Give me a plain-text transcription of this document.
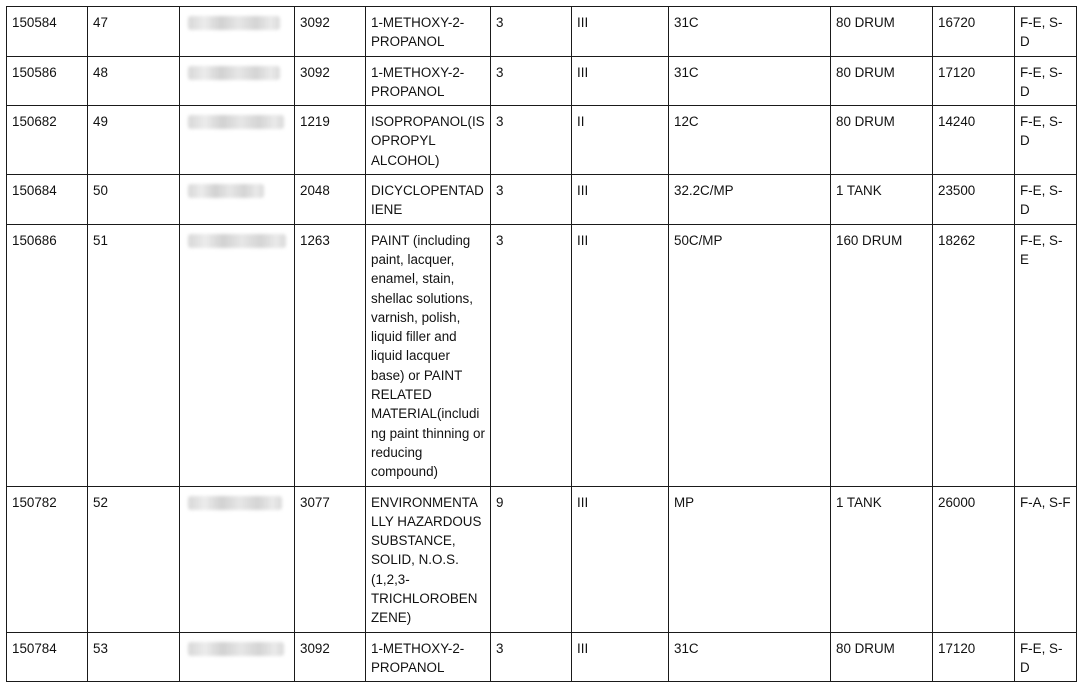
150584	47		3092	1-METHOXY-2-PROPANOL	3	III	31C	80 DRUM	16720	F-E, S-D
150586	48		3092	1-METHOXY-2-PROPANOL	3	III	31C	80 DRUM	17120	F-E, S-D
150682	49		1219	ISOPROPANOL(ISOPROPYL ALCOHOL)	3	II	12C	80 DRUM	14240	F-E, S-D
150684	50		2048	DICYCLOPENTADIENE	3	III	32.2C/MP	1 TANK	23500	F-E, S-D
150686	51		1263	PAINT (including paint, lacquer, enamel, stain, shellac solutions, varnish, polish, liquid filler and liquid lacquer base) or PAINT RELATED MATERIAL(including paint thinning or reducing compound)	3	III	50C/MP	160 DRUM	18262	F-E, S-E
150782	52		3077	ENVIRONMENTALLY HAZARDOUS SUBSTANCE, SOLID, N.O.S.(1,2,3-TRICHLOROBENZENE)	9	III	MP	1 TANK	26000	F-A, S-F
150784	53		3092	1-METHOXY-2-PROPANOL	3	III	31C	80 DRUM	17120	F-E, S-D
